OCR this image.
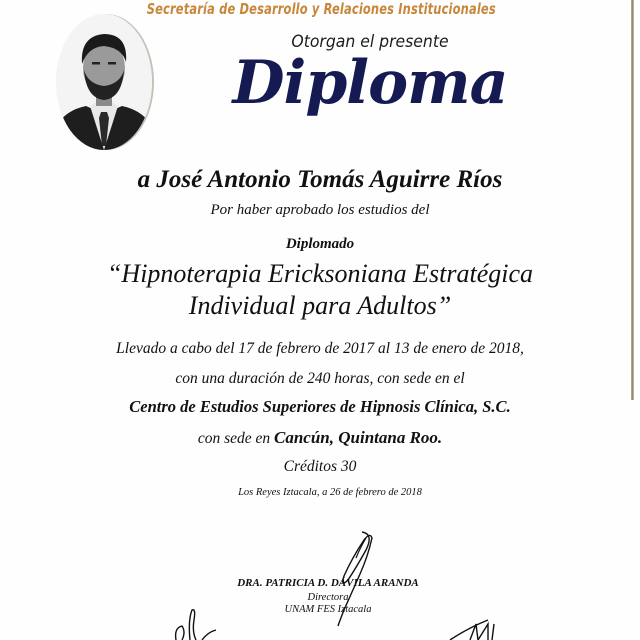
Secretaría de Desarrollo y Relaciones Institucionales
Otorgan el presente
Diploma
a José Antonio Tomás Aguirre Ríos
Por haber aprobado los estudios del
Diplomado
“Hipnoterapia Ericksoniana Estratégica
Individual para Adultos”
Llevado a cabo del 17 de febrero de 2017 al 13 de enero de 2018,
con una duración de 240 horas, con sede en el
Centro de Estudios Superiores de Hipnosis Clínica, S.C.
con sede en Cancún, Quintana Roo.
Créditos 30
Los Reyes Iztacala, a 26 de febrero de 2018
DRA. PATRICIA D. DÁVILA ARANDA
Directora
UNAM FES Iztacala
